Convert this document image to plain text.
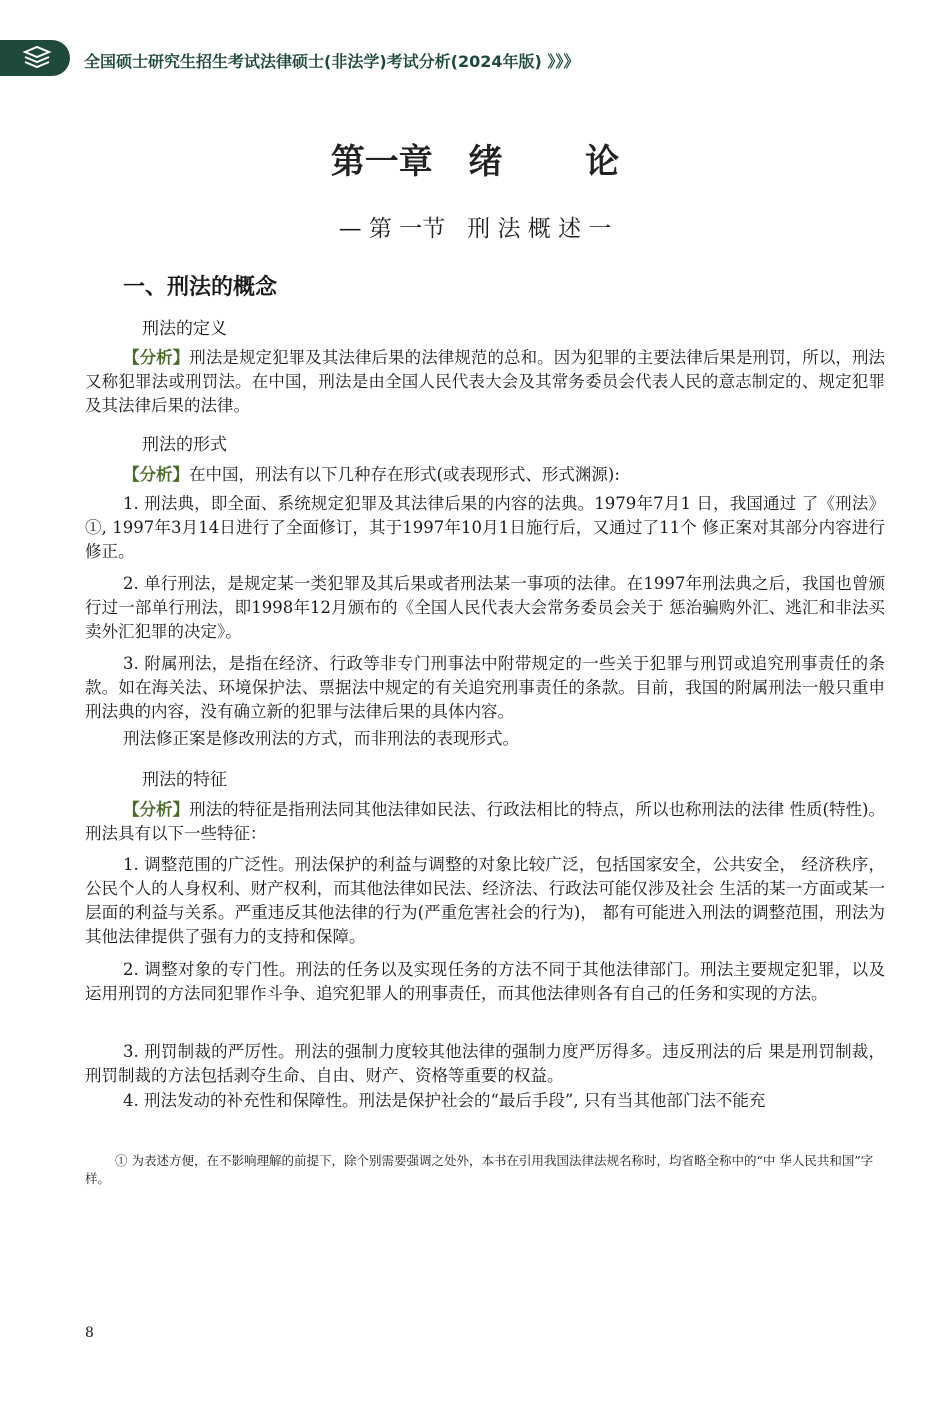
全国硕士研究生招生考试法律硕士(非法学)考试分析(2024年版) 》》》
第一章   绪       论
— 第 一节   刑 法 概 述 一
一、刑法的概念
刑法的定义
【分析】刑法是规定犯罪及其法律后果的法律规范的总和。因为犯罪的主要法律后果是刑罚，所以，刑法又称犯罪法或刑罚法。在中国，刑法是由全国人民代表大会及其常务委员会代表人民的意志制定的、规定犯罪及其法律后果的法律。
刑法的形式
【分析】在中国，刑法有以下几种存在形式(或表现形式、形式渊源):
1. 刑法典，即全面、系统规定犯罪及其法律后果的内容的法典。1979年7月1 日，我国通过 了《刑法》①, 1997年3月14日进行了全面修订，其于1997年10月1日施行后，又通过了11个 修正案对其部分内容进行修正。
2. 单行刑法，是规定某一类犯罪及其后果或者刑法某一事项的法律。在1997年刑法典之后，我国也曾颁行过一部单行刑法，即1998年12月颁布的《全国人民代表大会常务委员会关于 惩治骗购外汇、逃汇和非法买卖外汇犯罪的决定》。
3. 附属刑法，是指在经济、行政等非专门刑事法中附带规定的一些关于犯罪与刑罚或追究刑事责任的条款。如在海关法、环境保护法、票据法中规定的有关追究刑事责任的条款。目前，我国的附属刑法一般只重申刑法典的内容，没有确立新的犯罪与法律后果的具体内容。
刑法修正案是修改刑法的方式，而非刑法的表现形式。
刑法的特征
【分析】刑法的特征是指刑法同其他法律如民法、行政法相比的特点，所以也称刑法的法律 性质(特性)。刑法具有以下一些特征：
1. 调整范围的广泛性。刑法保护的利益与调整的对象比较广泛，包括国家安全，公共安全， 经济秩序，公民个人的人身权利、财产权利，而其他法律如民法、经济法、行政法可能仅涉及社会 生活的某一方面或某一层面的利益与关系。严重违反其他法律的行为(严重危害社会的行为)， 都有可能进入刑法的调整范围，刑法为其他法律提供了强有力的支持和保障。
2. 调整对象的专门性。刑法的任务以及实现任务的方法不同于其他法律部门。刑法主要规定犯罪，以及运用刑罚的方法同犯罪作斗争、追究犯罪人的刑事责任，而其他法律则各有自己的任务和实现的方法。
3. 刑罚制裁的严厉性。刑法的强制力度较其他法律的强制力度严厉得多。违反刑法的后 果是刑罚制裁，刑罚制裁的方法包括剥夺生命、自由、财产、资格等重要的权益。
4. 刑法发动的补充性和保障性。刑法是保护社会的“最后手段”, 只有当其他部门法不能充
① 为表述方便，在不影响理解的前提下，除个别需要强调之处外，本书在引用我国法律法规名称时，均省略全称中的“中 华人民共和国”字样。
8
